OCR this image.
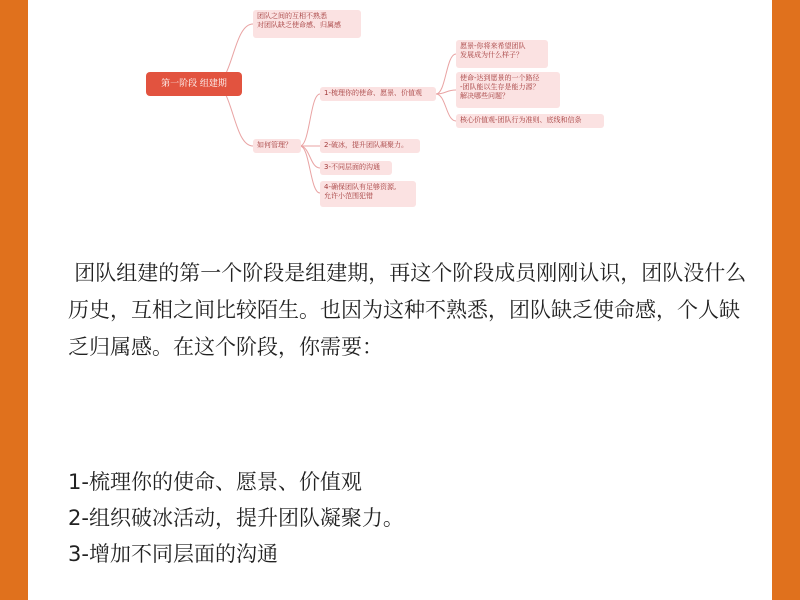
第一阶段 组建期
团队之间的互相不熟悉
对团队缺乏使命感、归属感
如何管理？
1-梳理你的使命、愿景、价值观
2-破冰，提升团队凝聚力。
3-不同层面的沟通
4-确保团队有足够资源,
允许小范围犯错
愿景-你将来希望团队
发展成为什么样子？
使命-达到愿景的一个路径
-团队能以生存是能力源？
解决哪些问题？
核心价值观-团队行为准则、底线和信条

团队组建的第一个阶段是组建期，再这个阶段成员刚刚认识，团队没什么历史，互相之间比较陌生。也因为这种不熟悉，团队缺乏使命感，个人缺乏归属感。在这个阶段，你需要：

1-梳理你的使命、愿景、价值观
2-组织破冰活动，提升团队凝聚力。
3-增加不同层面的沟通
